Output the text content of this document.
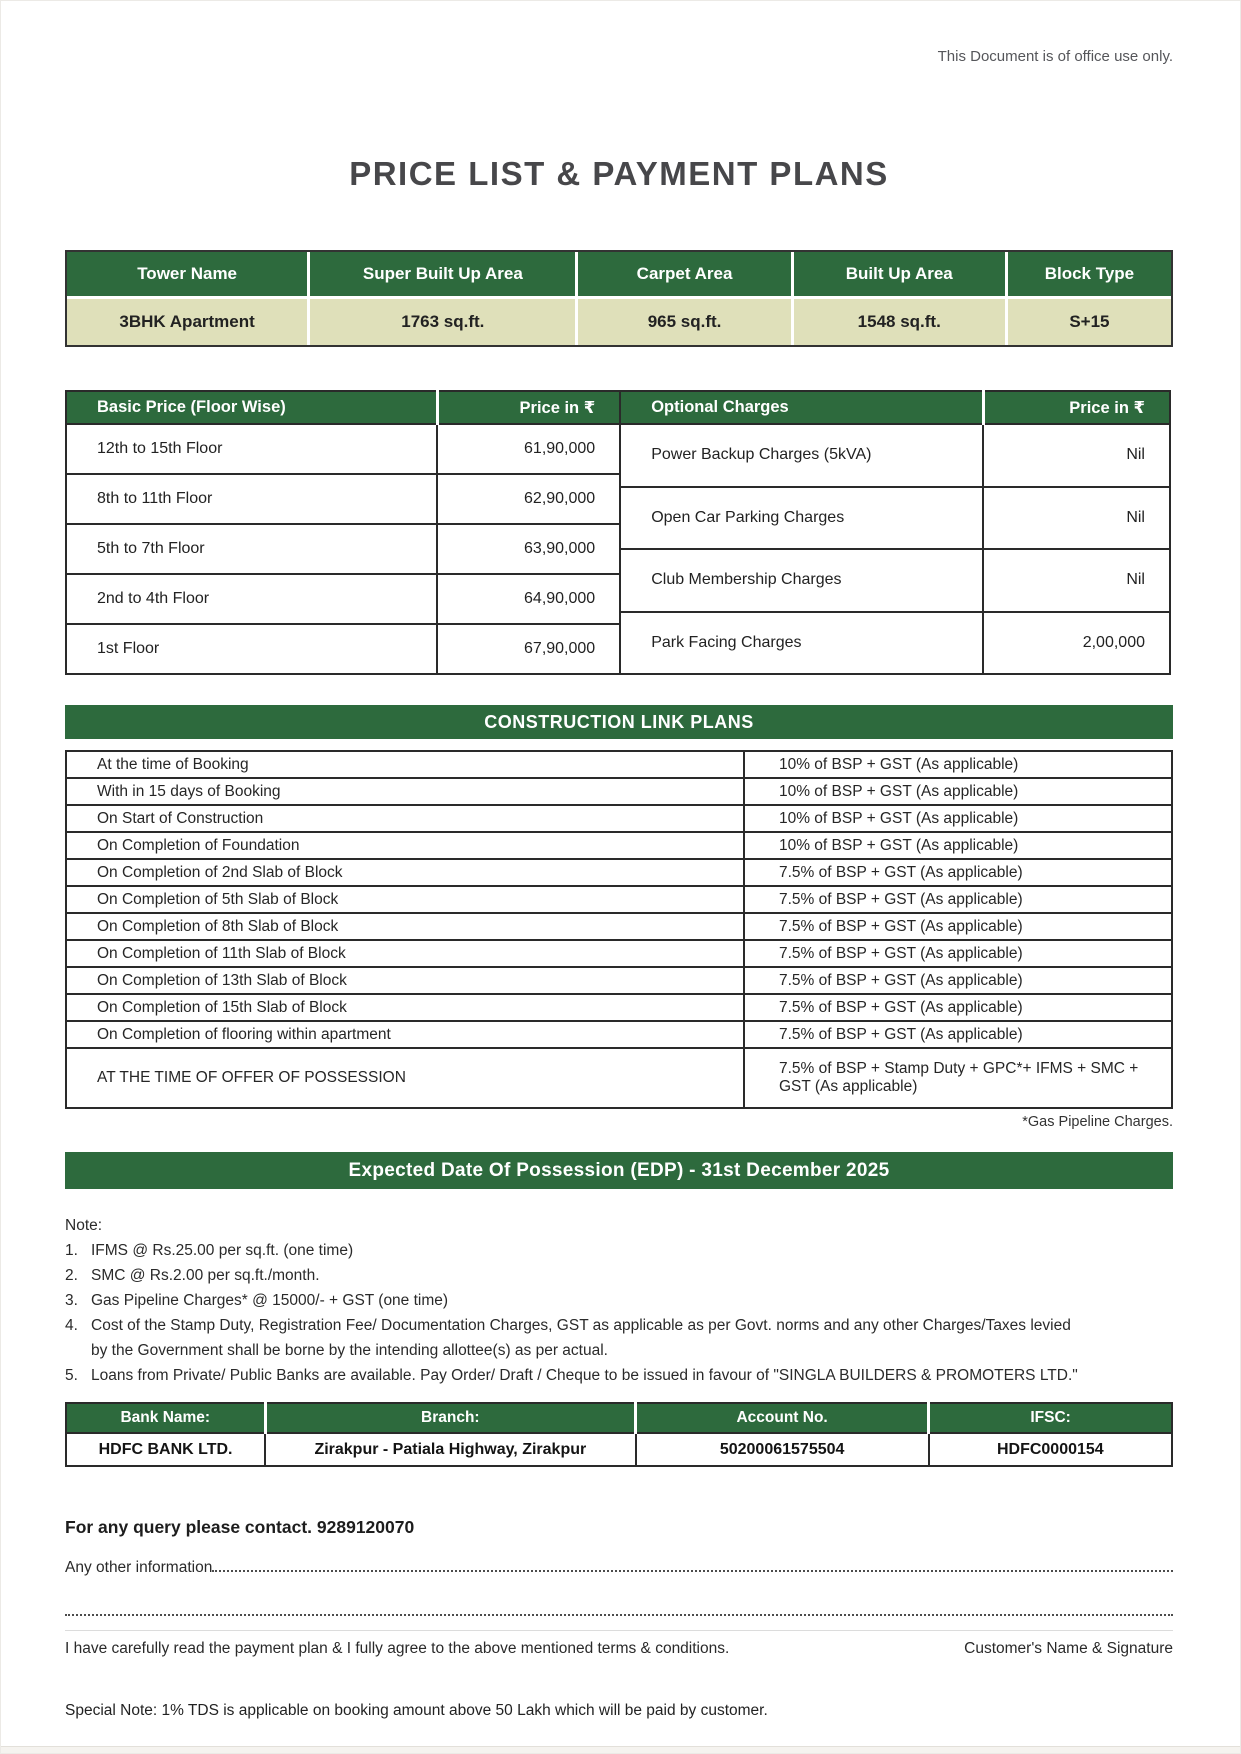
This Document is of office use only.
PRICE LIST & PAYMENT PLANS
Tower Name	Super Built Up Area	Carpet Area	Built Up Area	Block Type
3BHK Apartment	1763 sq.ft.	965 sq.ft.	1548 sq.ft.	S+15
Basic Price (Floor Wise)	Price in ₹
12th to 15th Floor	61,90,000
8th to 11th Floor	62,90,000
5th to 7th Floor	63,90,000
2nd to 4th Floor	64,90,000
1st Floor	67,90,000
Optional Charges	Price in ₹
Power Backup Charges (5kVA)	Nil
Open Car Parking Charges	Nil
Club Membership Charges	Nil
Park Facing Charges	2,00,000
CONSTRUCTION LINK PLANS
At the time of Booking	10% of BSP + GST (As applicable)
With in 15 days of Booking	10% of BSP + GST (As applicable)
On Start of Construction	10% of BSP + GST (As applicable)
On Completion of Foundation	10% of BSP + GST (As applicable)
On Completion of 2nd Slab of Block	7.5% of BSP + GST (As applicable)
On Completion of 5th Slab of Block	7.5% of BSP + GST (As applicable)
On Completion of 8th Slab of Block	7.5% of BSP + GST (As applicable)
On Completion of 11th Slab of Block	7.5% of BSP + GST (As applicable)
On Completion of 13th Slab of Block	7.5% of BSP + GST (As applicable)
On Completion of 15th Slab of Block	7.5% of BSP + GST (As applicable)
On Completion of flooring within apartment	7.5% of BSP + GST (As applicable)
AT THE TIME OF OFFER OF POSSESSION	7.5% of BSP + Stamp Duty + GPC*+ IFMS + SMC + GST (As applicable)
*Gas Pipeline Charges.
Expected Date Of Possession (EDP) - 31st December 2025
Note:
1. IFMS @ Rs.25.00 per sq.ft. (one time)
2. SMC @ Rs.2.00 per sq.ft./month.
3. Gas Pipeline Charges* @ 15000/- + GST (one time)
4. Cost of the Stamp Duty, Registration Fee/ Documentation Charges, GST as applicable as per Govt. norms and any other Charges/Taxes levied by the Government shall be borne by the intending allottee(s) as per actual.
5. Loans from Private/ Public Banks are available. Pay Order/ Draft / Cheque to be issued in favour of "SINGLA BUILDERS & PROMOTERS LTD."
Bank Name:	Branch:	Account No.	IFSC:
HDFC BANK LTD.	Zirakpur - Patiala Highway, Zirakpur	50200061575504	HDFC0000154
For any query please contact. 9289120070
Any other information
I have carefully read the payment plan & I fully agree to the above mentioned terms & conditions.	Customer's Name & Signature
Special Note: 1% TDS is applicable on booking amount above 50 Lakh which will be paid by customer.
